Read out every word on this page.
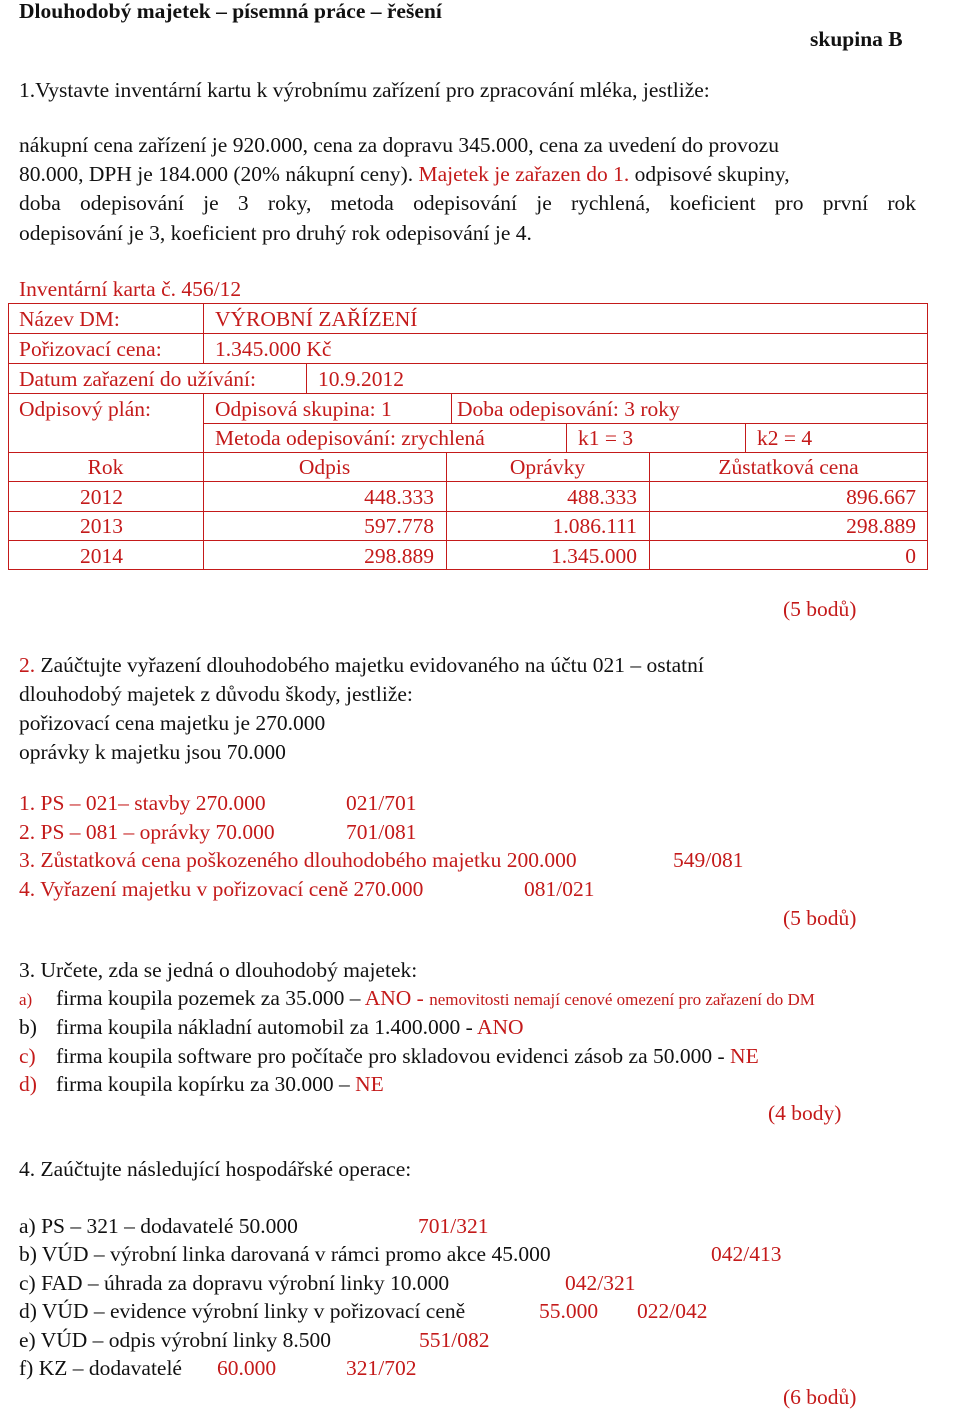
Dlouhodobý majetek – písemná práce – řešení
skupina B
1.Vystavte inventární kartu k výrobnímu zařízení pro zpracování mléka, jestliže:
nákupní cena zařízení je 920.000, cena za dopravu 345.000, cena za uvedení do provozu
80.000, DPH je 184.000 (20% nákupní ceny). Majetek je zařazen do 1. odpisové skupiny,
doba odepisování je 3 roky, metoda odepisování je rychlená, koeficient pro první rok
odepisování je 3, koeficient pro druhý rok odepisování je 4.
Inventární karta č. 456/12
Název DM:	VÝROBNÍ ZAŘÍZENÍ
Pořizovací cena: 1.345.000 Kč
Datum zařazení do užívání:	10.9.2012
Odpisový plán:	Odpisová skupina: 1	Doba odepisování: 3 roky
Metoda odepisování: zrychlená	k1 = 3	k2 = 4
Rok	Odpis	Oprávky	Zůstatková cena
2012	448.333	488.333	896.667
2013	597.778	1.086.111	298.889
2014	298.889	1.345.000	0
(5 bodů)
2. Zaúčtujte vyřazení dlouhodobého majetku evidovaného na účtu 021 – ostatní
dlouhodobý majetek z důvodu škody, jestliže:
pořizovací cena majetku je 270.000
oprávky k majetku jsou 70.000
1. PS – 021– stavby 270.000	021/701
2. PS – 081 – oprávky 70.000	701/081
3. Zůstatková cena poškozeného dlouhodobého majetku 200.000	549/081
4. Vyřazení majetku v pořizovací ceně 270.000	081/021
(5 bodů)
3. Určete, zda se jedná o dlouhodobý majetek:
a) firma koupila pozemek za 35.000 – ANO - nemovitosti nemají cenové omezení pro zařazení do DM
b) firma koupila nákladní automobil za 1.400.000 - ANO
c) firma koupila software pro počítače pro skladovou evidenci zásob za 50.000 - NE
d) firma koupila kopírku za 30.000 – NE
(4 body)
4. Zaúčtujte následující hospodářské operace:
a) PS – 321 – dodavatelé 50.000	701/321
b) VÚD – výrobní linka darovaná v rámci promo akce 45.000	042/413
c) FAD – úhrada za dopravu výrobní linky 10.000	042/321
d) VÚD – evidence výrobní linky v pořizovací ceně	55.000 022/042
e) VÚD – odpis výrobní linky 8.500	551/082
f) KZ – dodavatelé 60.000	321/702
(6 bodů)
